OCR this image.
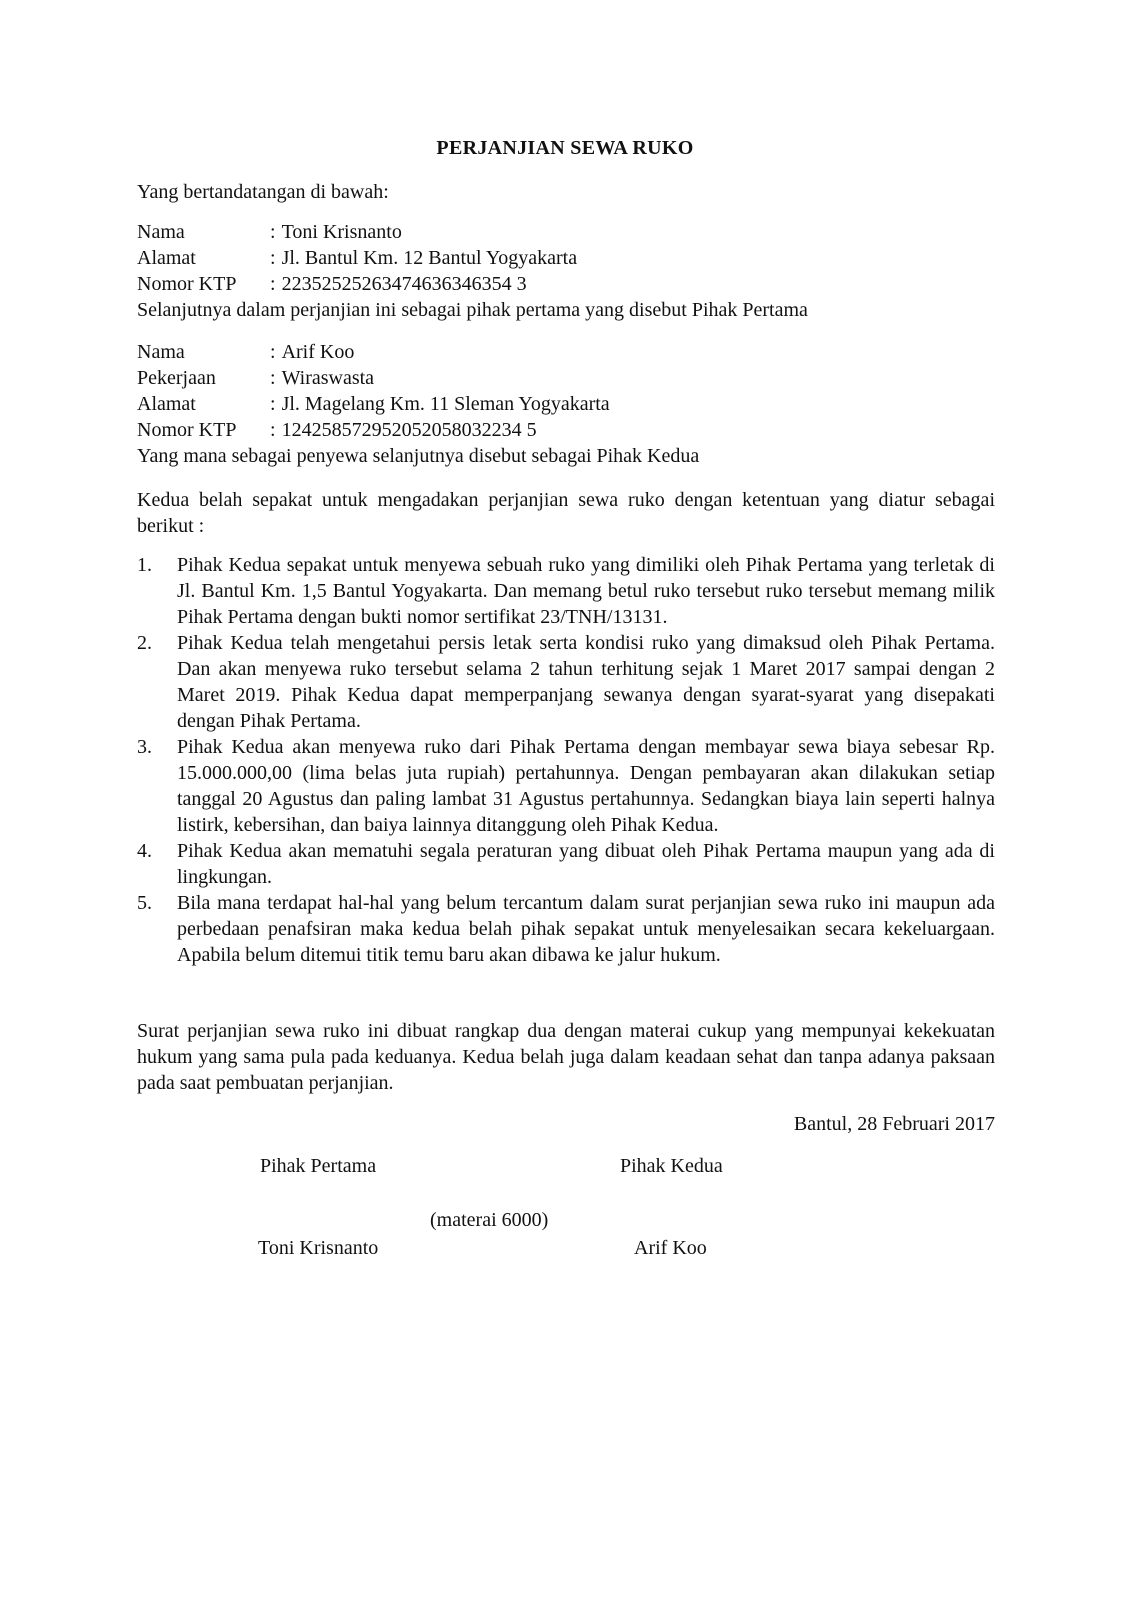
PERJANJIAN SEWA RUKO
Yang bertandatangan di bawah:
Nama	: Toni Krisnanto
Alamat	: Jl. Bantul Km. 12 Bantul Yogyakarta
Nomor KTP	: 22352525263474636346354 3
Selanjutnya dalam perjanjian ini sebagai pihak pertama yang disebut Pihak Pertama
Nama	: Arif Koo
Pekerjaan	: Wiraswasta
Alamat	: Jl. Magelang Km. 11 Sleman Yogyakarta
Nomor KTP	: 124258572952052058032234 5
Yang mana sebagai penyewa selanjutnya disebut sebagai Pihak Kedua
Kedua belah sepakat untuk mengadakan perjanjian sewa ruko dengan ketentuan yang diatur sebagai berikut :
1.	Pihak Kedua sepakat untuk menyewa sebuah ruko yang dimiliki oleh Pihak Pertama yang terletak di Jl. Bantul Km. 1,5 Bantul Yogyakarta. Dan memang betul ruko tersebut ruko tersebut memang milik Pihak Pertama dengan bukti nomor sertifikat 23/TNH/13131.
2.	Pihak Kedua telah mengetahui persis letak serta kondisi ruko yang dimaksud oleh Pihak Pertama. Dan akan menyewa ruko tersebut selama 2 tahun terhitung sejak 1 Maret 2017 sampai dengan 2 Maret 2019. Pihak Kedua dapat memperpanjang sewanya dengan syarat-syarat yang disepakati dengan Pihak Pertama.
3.	Pihak Kedua akan menyewa ruko dari Pihak Pertama dengan membayar sewa biaya sebesar Rp. 15.000.000,00 (lima belas juta rupiah) pertahunnya. Dengan pembayaran akan dilakukan setiap tanggal 20 Agustus dan paling lambat 31 Agustus pertahunnya. Sedangkan biaya lain seperti halnya listirk, kebersihan, dan baiya lainnya ditanggung oleh Pihak Kedua.
4.	Pihak Kedua akan mematuhi segala peraturan yang dibuat oleh Pihak Pertama maupun yang ada di lingkungan.
5.	Bila mana terdapat hal-hal yang belum tercantum dalam surat perjanjian sewa ruko ini maupun ada perbedaan penafsiran maka kedua belah pihak sepakat untuk menyelesaikan secara kekeluargaan. Apabila belum ditemui titik temu baru akan dibawa ke jalur hukum.
Surat perjanjian sewa ruko ini dibuat rangkap dua dengan materai cukup yang mempunyai kekekuatan hukum yang sama pula pada keduanya. Kedua belah juga dalam keadaan sehat dan tanpa adanya paksaan pada saat pembuatan perjanjian.
Bantul, 28 Februari 2017
Pihak Pertama	Pihak Kedua
(materai 6000)
Toni Krisnanto	Arif Koo
